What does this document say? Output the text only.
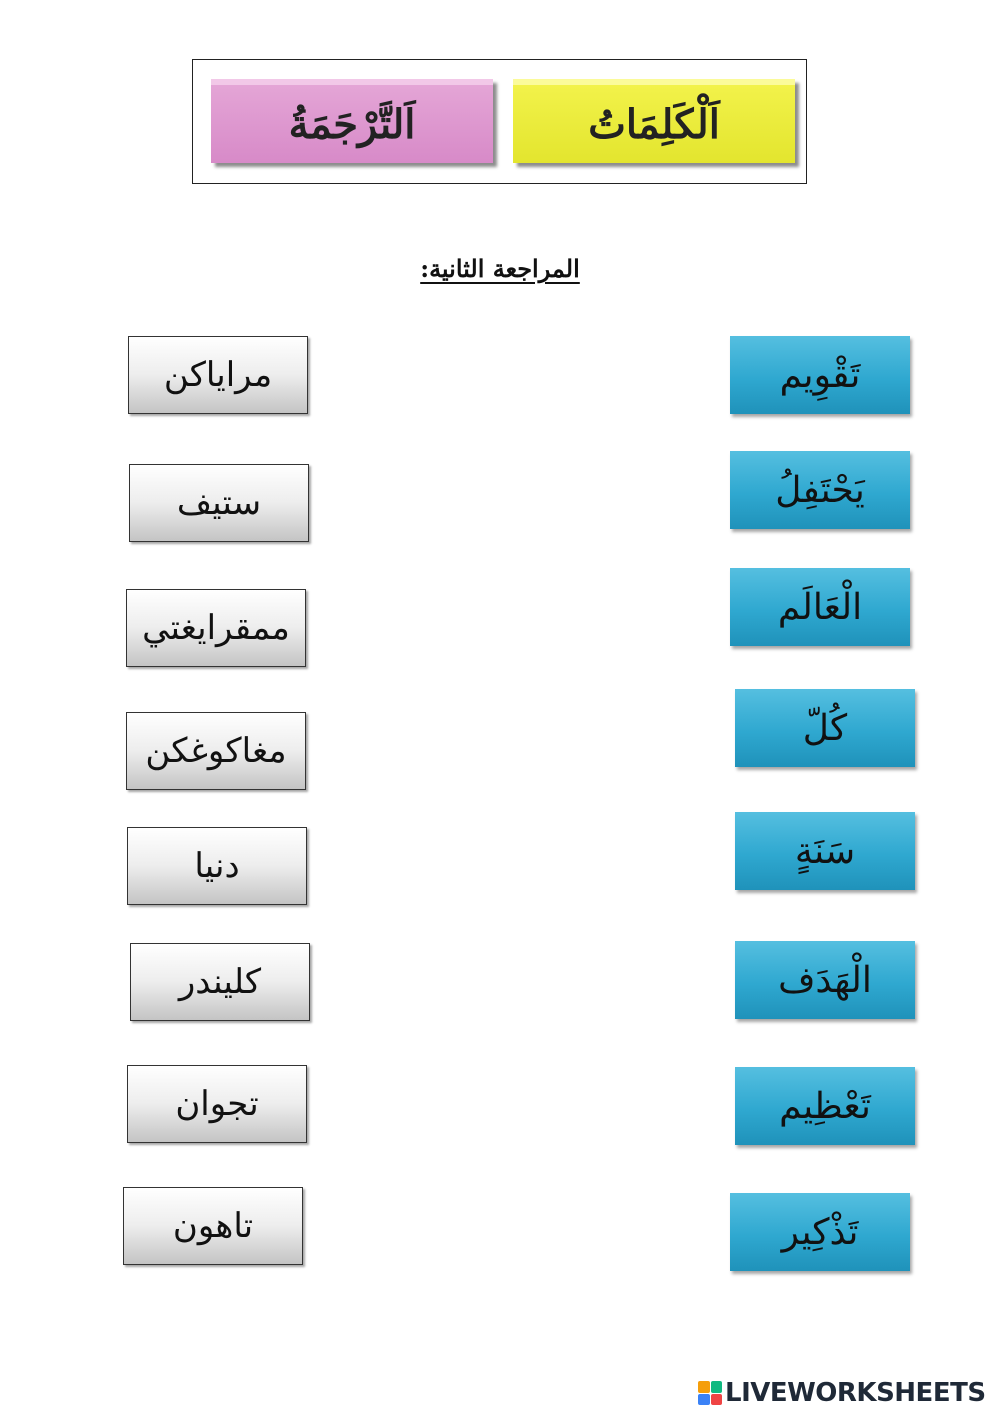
اَلتَّرْجَمَةُ	اَلْكَلِمَاتُ
المراجعة الثانية:
مراياكن
ستيف
ممقرايغتي
مغاكوغكن
دنيا
كليندر
تجوان
تاهون
تَقْوِيم
يَحْتَفِلُ
الْعَالَم
كُلّ
سَنَةٍ
الْهَدَف
تَعْظِيم
تَذْكِير
LIVEWORKSHEETS
